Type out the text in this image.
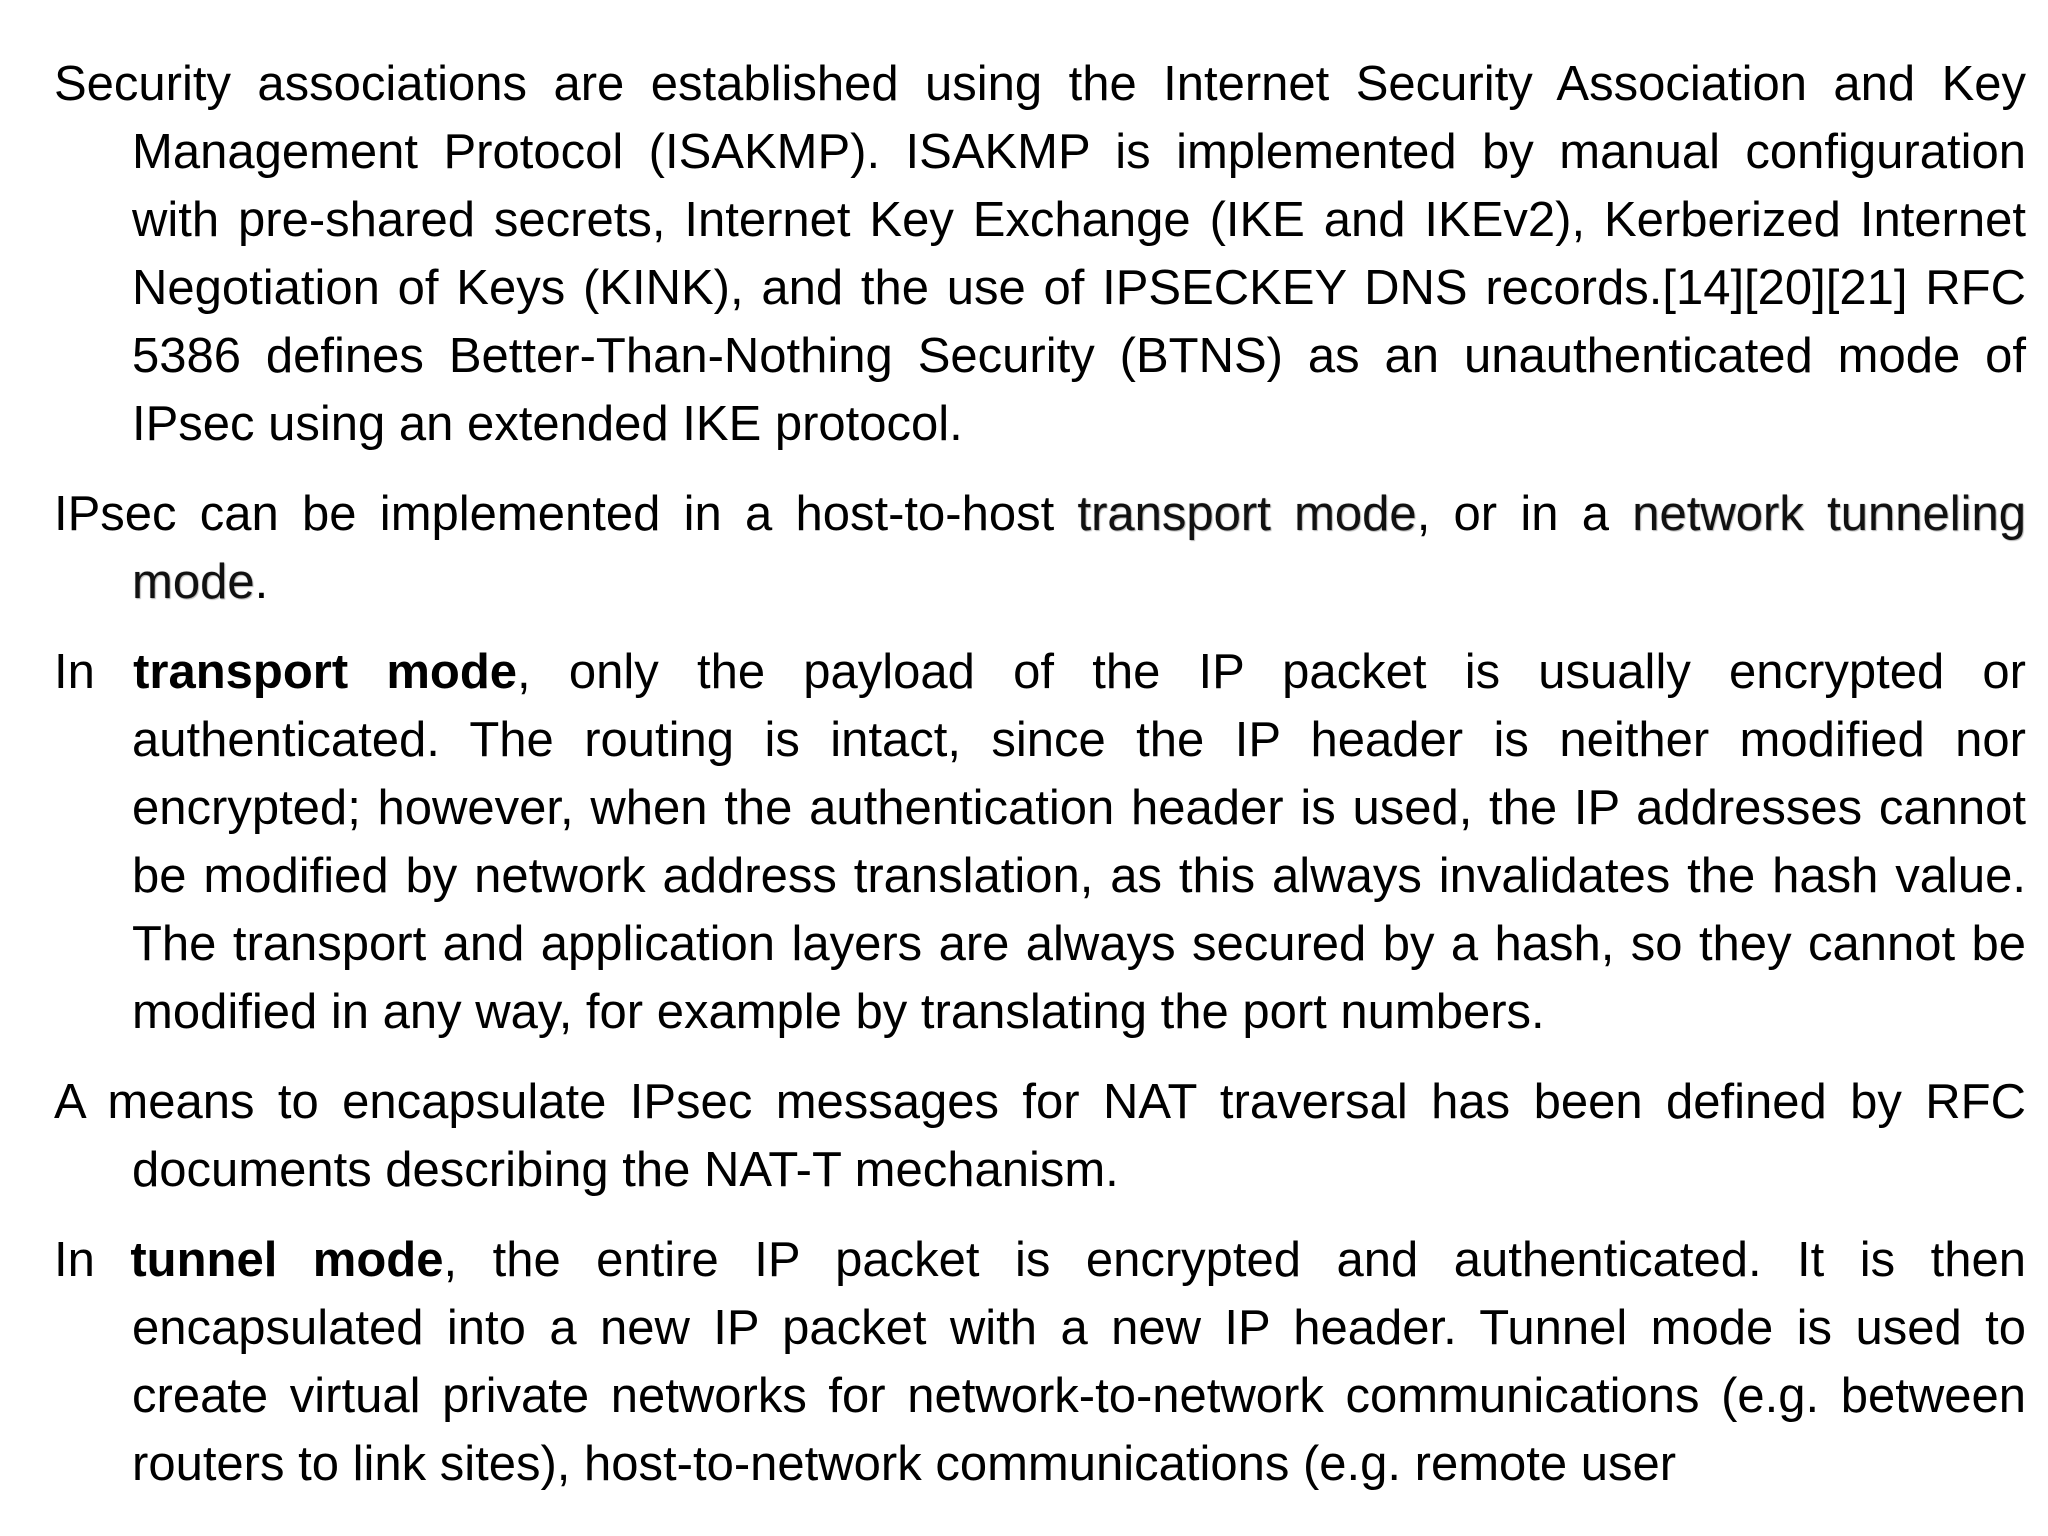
Security associations are established using the Internet Security Association and Key Management Protocol (ISAKMP). ISAKMP is implemented by manual configuration with pre-shared secrets, Internet Key Exchange (IKE and IKEv2), Kerberized Internet Negotiation of Keys (KINK), and the use of IPSECKEY DNS records.[14][20][21] RFC 5386 defines Better-Than-Nothing Security (BTNS) as an unauthenticated mode of IPsec using an extended IKE protocol.

IPsec can be implemented in a host-to-host transport mode, or in a network tunneling mode.

In transport mode, only the payload of the IP packet is usually encrypted or authenticated. The routing is intact, since the IP header is neither modified nor encrypted; however, when the authentication header is used, the IP addresses cannot be modified by network address translation, as this always invalidates the hash value. The transport and application layers are always secured by a hash, so they cannot be modified in any way, for example by translating the port numbers.

A means to encapsulate IPsec messages for NAT traversal has been defined by RFC documents describing the NAT-T mechanism.

In tunnel mode, the entire IP packet is encrypted and authenticated. It is then encapsulated into a new IP packet with a new IP header. Tunnel mode is used to create virtual private networks for network-to-network communications (e.g. between routers to link sites), host-to-network communications (e.g. remote user
